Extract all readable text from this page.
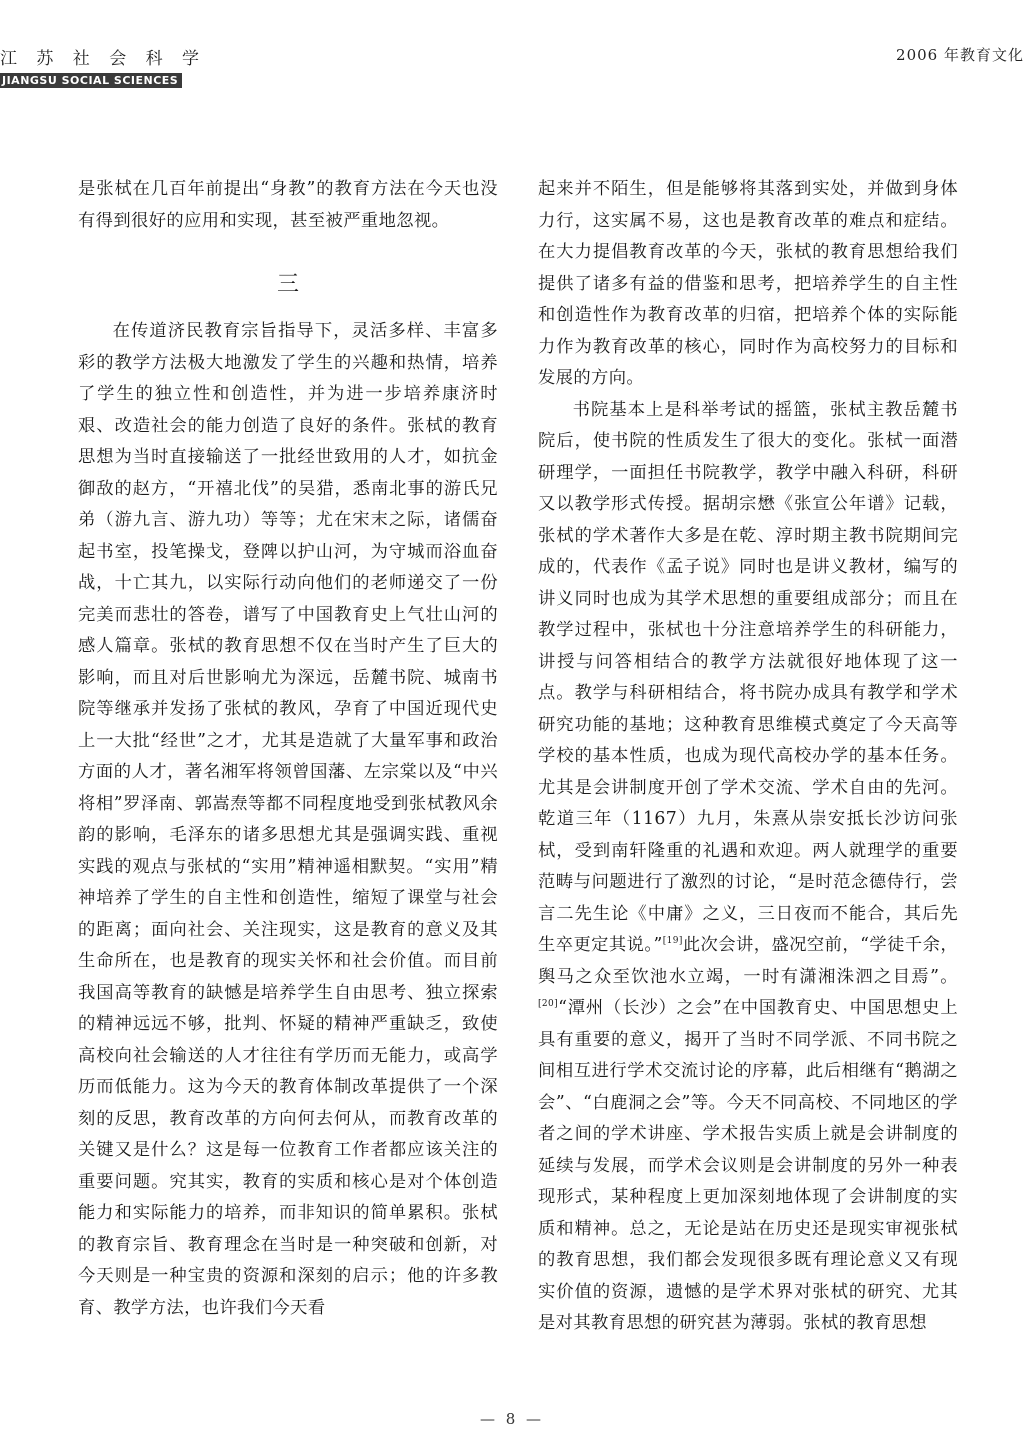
江 苏 社 会 科 学
JIANGSU SOCIAL SCIENCES
2006 年教育文化

是张栻在几百年前提出“身教”的教育方法在今天也没有得到很好的应用和实现，甚至被严重地忽视。

三

在传道济民教育宗旨指导下，灵活多样、丰富多彩的教学方法极大地激发了学生的兴趣和热情，培养了学生的独立性和创造性，并为进一步培养康济时艰、改造社会的能力创造了良好的条件。张栻的教育思想为当时直接输送了一批经世致用的人才，如抗金御敌的赵方，“开禧北伐”的吴猎，悉南北事的游氏兄弟（游九言、游九功）等等；尤在宋末之际，诸儒奋起书室，投笔操戈，登陴以护山河，为守城而浴血奋战，十亡其九，以实际行动向他们的老师递交了一份完美而悲壮的答卷，谱写了中国教育史上气壮山河的感人篇章。张栻的教育思想不仅在当时产生了巨大的影响，而且对后世影响尤为深远，岳麓书院、城南书院等继承并发扬了张栻的教风，孕育了中国近现代史上一大批“经世”之才，尤其是造就了大量军事和政治方面的人才，著名湘军将领曾国藩、左宗棠以及“中兴将相”罗泽南、郭嵩焘等都不同程度地受到张栻教风余韵的影响，毛泽东的诸多思想尤其是强调实践、重视实践的观点与张栻的“实用”精神遥相默契。“实用”精神培养了学生的自主性和创造性，缩短了课堂与社会的距离；面向社会、关注现实，这是教育的意义及其生命所在，也是教育的现实关怀和社会价值。而目前我国高等教育的缺憾是培养学生自由思考、独立探索的精神远远不够，批判、怀疑的精神严重缺乏，致使高校向社会输送的人才往往有学历而无能力，或高学历而低能力。这为今天的教育体制改革提供了一个深刻的反思，教育改革的方向何去何从，而教育改革的关键又是什么？这是每一位教育工作者都应该关注的重要问题。究其实，教育的实质和核心是对个体创造能力和实际能力的培养，而非知识的简单累积。张栻的教育宗旨、教育理念在当时是一种突破和创新，对今天则是一种宝贵的资源和深刻的启示；他的许多教育、教学方法，也许我们今天看

起来并不陌生，但是能够将其落到实处，并做到身体力行，这实属不易，这也是教育改革的难点和症结。在大力提倡教育改革的今天，张栻的教育思想给我们提供了诸多有益的借鉴和思考，把培养学生的自主性和创造性作为教育改革的归宿，把培养个体的实际能力作为教育改革的核心，同时作为高校努力的目标和发展的方向。

书院基本上是科举考试的摇篮，张栻主教岳麓书院后，使书院的性质发生了很大的变化。张栻一面潜研理学，一面担任书院教学，教学中融入科研，科研又以教学形式传授。据胡宗懋《张宣公年谱》记载，张栻的学术著作大多是在乾、淳时期主教书院期间完成的，代表作《孟子说》同时也是讲义教材，编写的讲义同时也成为其学术思想的重要组成部分；而且在教学过程中，张栻也十分注意培养学生的科研能力，讲授与问答相结合的教学方法就很好地体现了这一点。教学与科研相结合，将书院办成具有教学和学术研究功能的基地；这种教育思维模式奠定了今天高等学校的基本性质，也成为现代高校办学的基本任务。尤其是会讲制度开创了学术交流、学术自由的先河。乾道三年（1167）九月，朱熹从崇安抵长沙访问张栻，受到南轩隆重的礼遇和欢迎。两人就理学的重要范畴与问题进行了激烈的讨论，“是时范念德侍行，尝言二先生论《中庸》之义，三日夜而不能合，其后先生卒更定其说。”[19]此次会讲，盛况空前，“学徒千余，舆马之众至饮池水立竭，一时有潇湘洙泗之目焉”。[20]“潭州（长沙）之会”在中国教育史、中国思想史上具有重要的意义，揭开了当时不同学派、不同书院之间相互进行学术交流讨论的序幕，此后相继有“鹅湖之会”、“白鹿洞之会”等。今天不同高校、不同地区的学者之间的学术讲座、学术报告实质上就是会讲制度的延续与发展，而学术会议则是会讲制度的另外一种表现形式，某种程度上更加深刻地体现了会讲制度的实质和精神。总之，无论是站在历史还是现实审视张栻的教育思想，我们都会发现很多既有理论意义又有现实价值的资源，遗憾的是学术界对张栻的研究、尤其是对其教育思想的研究甚为薄弱。张栻的教育思想

— 8 —
